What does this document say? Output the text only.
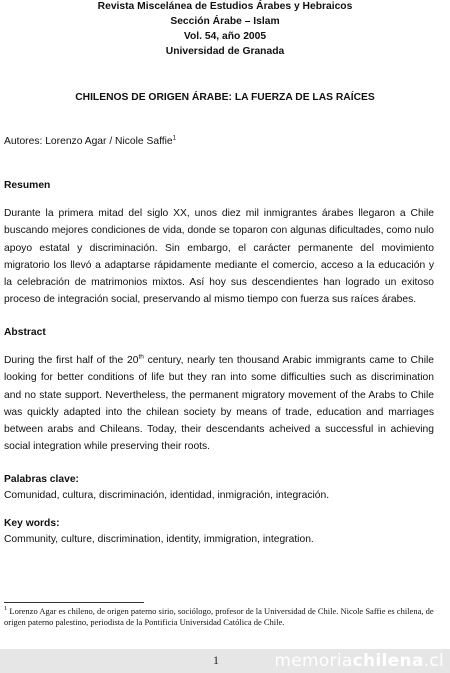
Revista Miscelánea de Estudios Árabes y Hebraicos
Sección Árabe – Islam
Vol. 54, año 2005
Universidad de Granada
CHILENOS DE ORIGEN ÁRABE: LA FUERZA DE LAS RAÍCES
Autores: Lorenzo Agar / Nicole Saffie$^1$
Resumen

Durante la primera mitad del siglo XX, unos diez mil inmigrantes árabes llegaron a Chile buscando mejores condiciones de vida, donde se toparon con algunas dificultades, como nulo apoyo estatal y discriminación. Sin embargo, el carácter permanente del movimiento migratorio los llevó a adaptarse rápidamente mediante el comercio, acceso a la educación y la celebración de matrimonios mixtos. Así hoy sus descendientes han logrado un exitoso proceso de integración social, preservando al mismo tiempo con fuerza sus raíces árabes.

Abstract

During the first half of the 20th century, nearly ten thousand Arabic immigrants came to Chile looking for better conditions of life but they ran into some difficulties such as discrimination and no state support. Nevertheless, the permanent migratory movement of the Arabs to Chile was quickly adapted into the chilean society by means of trade, education and marriages between arabs and Chileans. Today, their descendants acheived a successful in achieving social integration while preserving their roots.

Palabras clave:
Comunidad, cultura, discriminación, identidad, inmigración, integración.
Key words:
Community, culture, discrimination, identity, immigration, integration.

$^1$ Lorenzo Agar es chileno, de origen paterno sirio, sociólogo, profesor de la Universidad de Chile. Nicole Saffie es chilena, de origen paterno palestino, periodista de la Pontificia Universidad Católica de Chile.

1	memoriachilena.cl
